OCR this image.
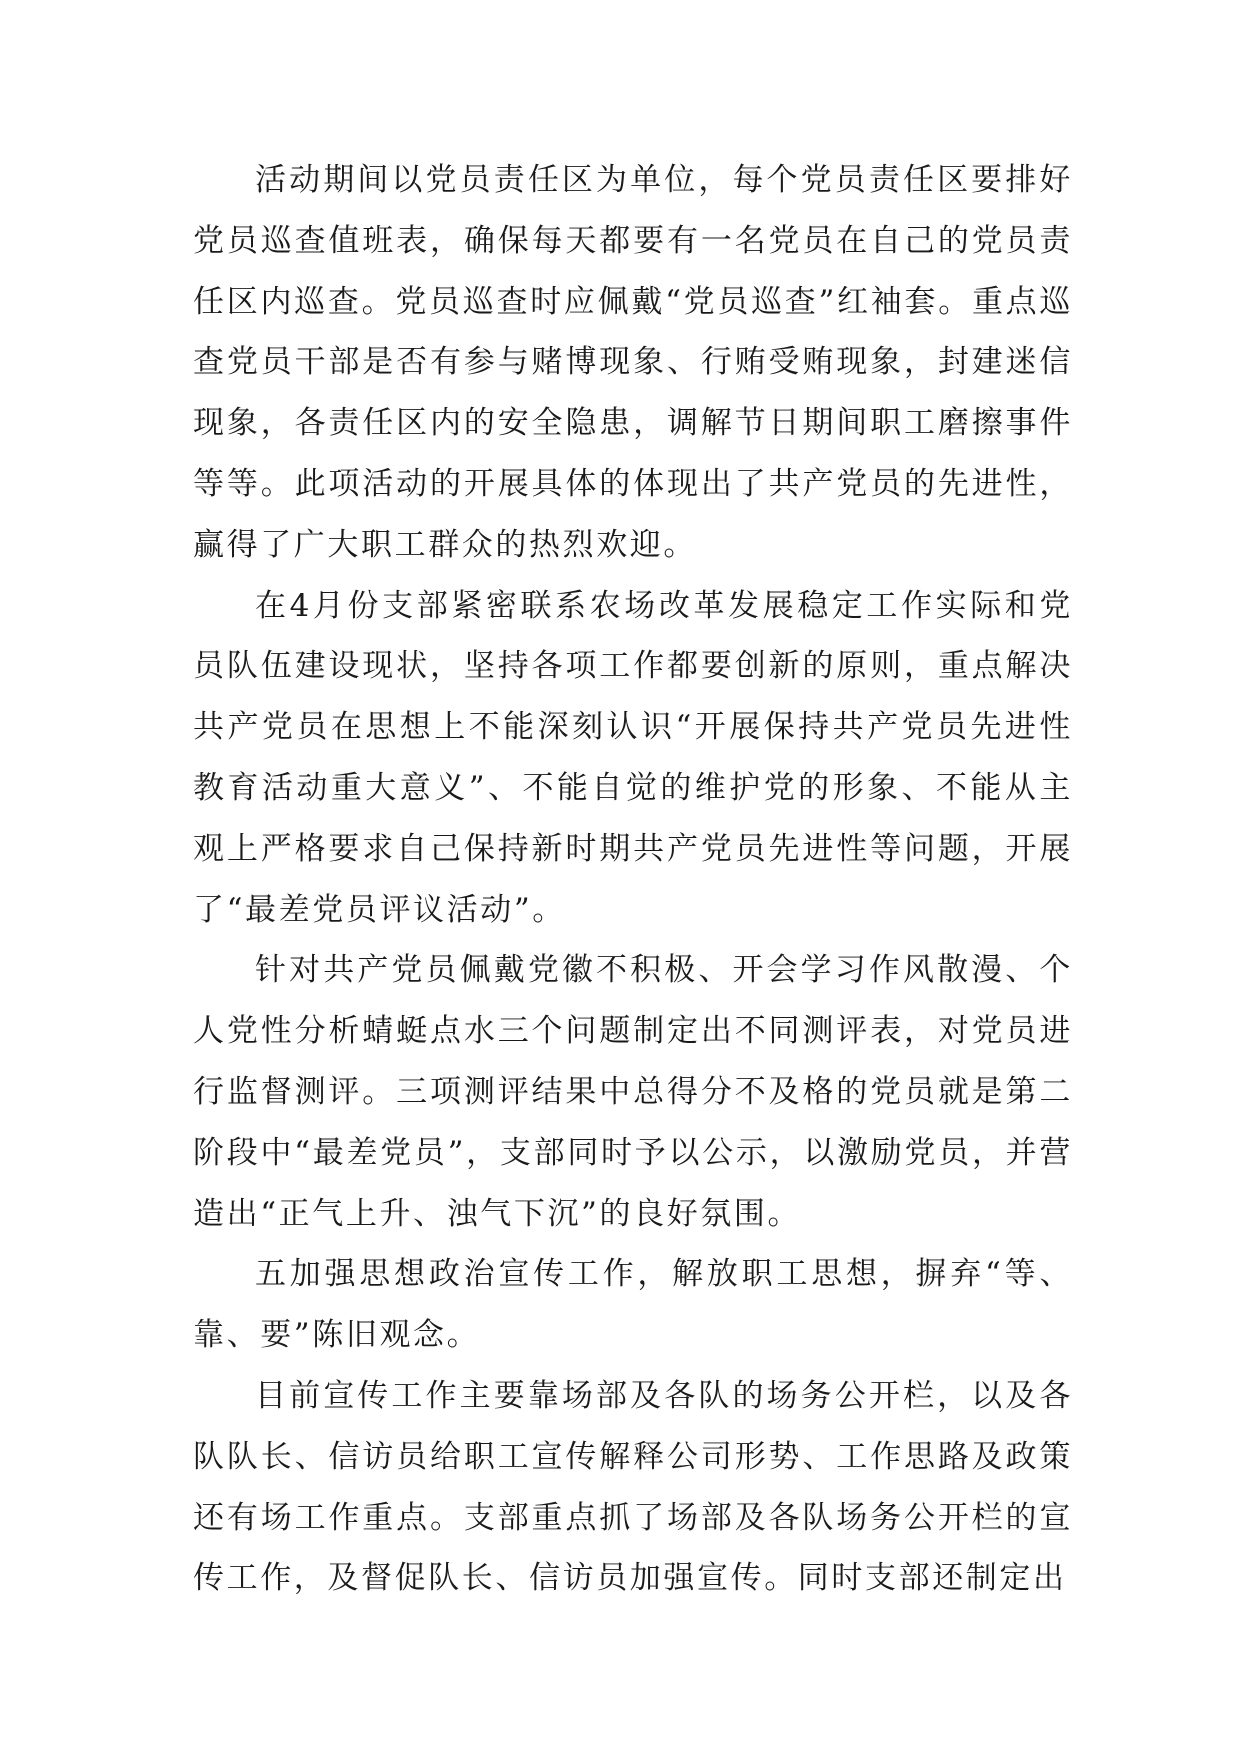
活动期间以党员责任区为单位，每个党员责任区要排好党员巡查值班表，确保每天都要有一名党员在自己的党员责任区内巡查。党员巡查时应佩戴“党员巡查”红袖套。重点巡查党员干部是否有参与赌博现象、行贿受贿现象，封建迷信现象，各责任区内的安全隐患，调解节日期间职工磨擦事件等等。此项活动的开展具体的体现出了共产党员的先进性，赢得了广大职工群众的热烈欢迎。

在4月份支部紧密联系农场改革发展稳定工作实际和党员队伍建设现状，坚持各项工作都要创新的原则，重点解决共产党员在思想上不能深刻认识“开展保持共产党员先进性教育活动重大意义”、不能自觉的维护党的形象、不能从主观上严格要求自己保持新时期共产党员先进性等问题，开展了“最差党员评议活动”。

针对共产党员佩戴党徽不积极、开会学习作风散漫、个人党性分析蜻蜓点水三个问题制定出不同测评表，对党员进行监督测评。三项测评结果中总得分不及格的党员就是第二阶段中“最差党员”，支部同时予以公示，以激励党员，并营造出“正气上升、浊气下沉”的良好氛围。

五加强思想政治宣传工作，解放职工思想，摒弃“等、靠、要”陈旧观念。

目前宣传工作主要靠场部及各队的场务公开栏，以及各队队长、信访员给职工宣传解释公司形势、工作思路及政策还有场工作重点。支部重点抓了场部及各队场务公开栏的宣传工作，及督促队长、信访员加强宣传。同时支部还制定出
